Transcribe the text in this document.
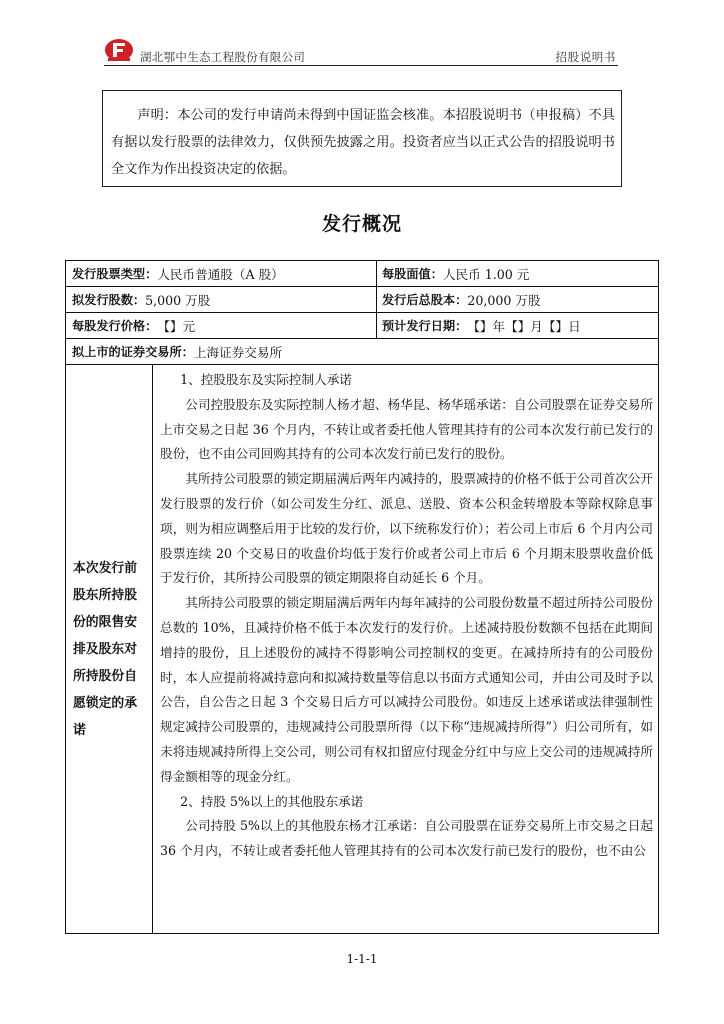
湖北鄂中生态工程股份有限公司	招股说明书

声明：本公司的发行申请尚未得到中国证监会核准。本招股说明书（申报稿）不具有据以发行股票的法律效力，仅供预先披露之用。投资者应当以正式公告的招股说明书全文作为作出投资决定的依据。

发行概况
发行股票类型： 人民币普通股（A 股）	每股面值： 人民币 1.00 元
拟发行股数： 5,000 万股	发行后总股本： 20,000 万股
每股发行价格： 【】元	预计发行日期： 【】年【】月【】日
拟上市的证券交易所： 上海证券交易所
本次发行前股东所持股份的限售安排及股东对所持股份自愿锁定的承诺

1、控股股东及实际控制人承诺

公司控股股东及实际控制人杨才超、杨华昆、杨华瑶承诺：自公司股票在证券交易所上市交易之日起 36 个月内，不转让或者委托他人管理其持有的公司本次发行前已发行的股份，也不由公司回购其持有的公司本次发行前已发行的股份。

其所持公司股票的锁定期届满后两年内减持的，股票减持的价格不低于公司首次公开发行股票的发行价（如公司发生分红、派息、送股、资本公积金转增股本等除权除息事项，则为相应调整后用于比较的发行价，以下统称发行价）；若公司上市后 6 个月内公司股票连续 20 个交易日的收盘价均低于发行价或者公司上市后 6 个月期末股票收盘价低于发行价，其所持公司股票的锁定期限将自动延长 6 个月。

其所持公司股票的锁定期届满后两年内每年减持的公司股份数量不超过所持公司股份总数的 10%，且减持价格不低于本次发行的发行价。上述减持股份数额不包括在此期间增持的股份，且上述股份的减持不得影响公司控制权的变更。在减持所持有的公司股份时，本人应提前将减持意向和拟减持数量等信息以书面方式通知公司，并由公司及时予以公告，自公告之日起 3 个交易日后方可以减持公司股份。如违反上述承诺或法律强制性规定减持公司股票的，违规减持公司股票所得（以下称“违规减持所得”）归公司所有，如未将违规减持所得上交公司，则公司有权扣留应付现金分红中与应上交公司的违规减持所得金额相等的现金分红。

2、持股 5%以上的其他股东承诺

公司持股 5%以上的其他股东杨才江承诺：自公司股票在证券交易所上市交易之日起 36 个月内，不转让或者委托他人管理其持有的公司本次发行前已发行的股份，也不由公

1-1-1
